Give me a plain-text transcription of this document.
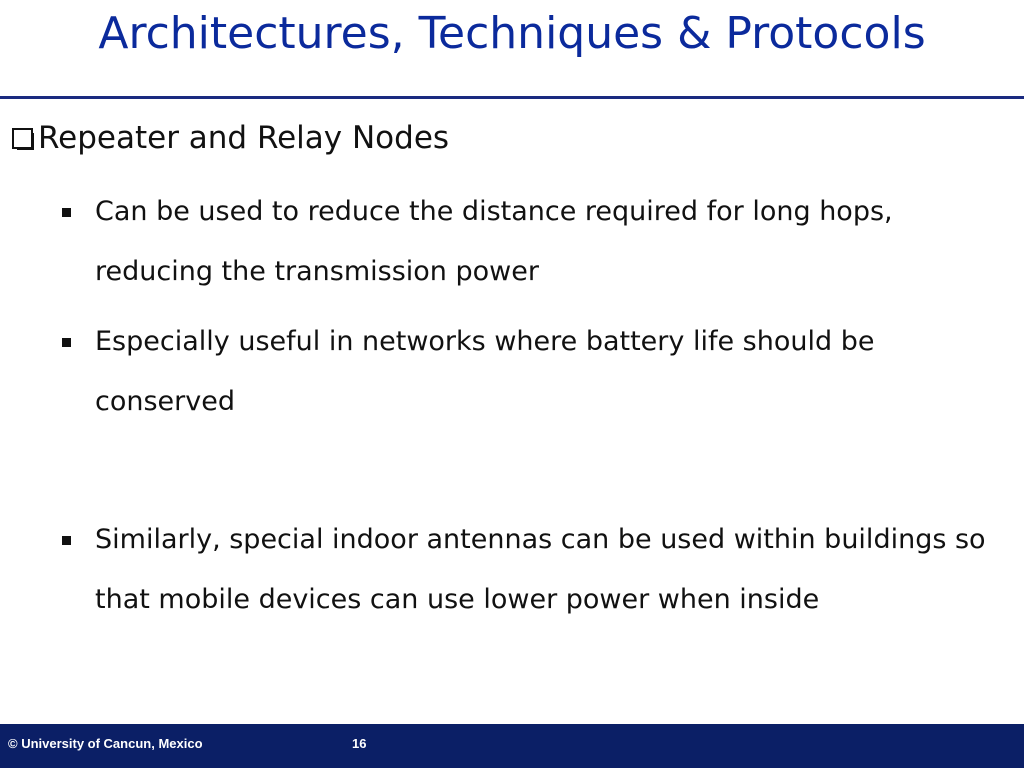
Architectures, Techniques & Protocols
Repeater and Relay Nodes
Can be used to reduce the distance required for long hops, reducing the transmission power
Especially useful in networks where battery life should be conserved
Similarly, special indoor antennas can be used within buildings so that mobile devices can use lower power when inside
© University of Cancun, Mexico	16
